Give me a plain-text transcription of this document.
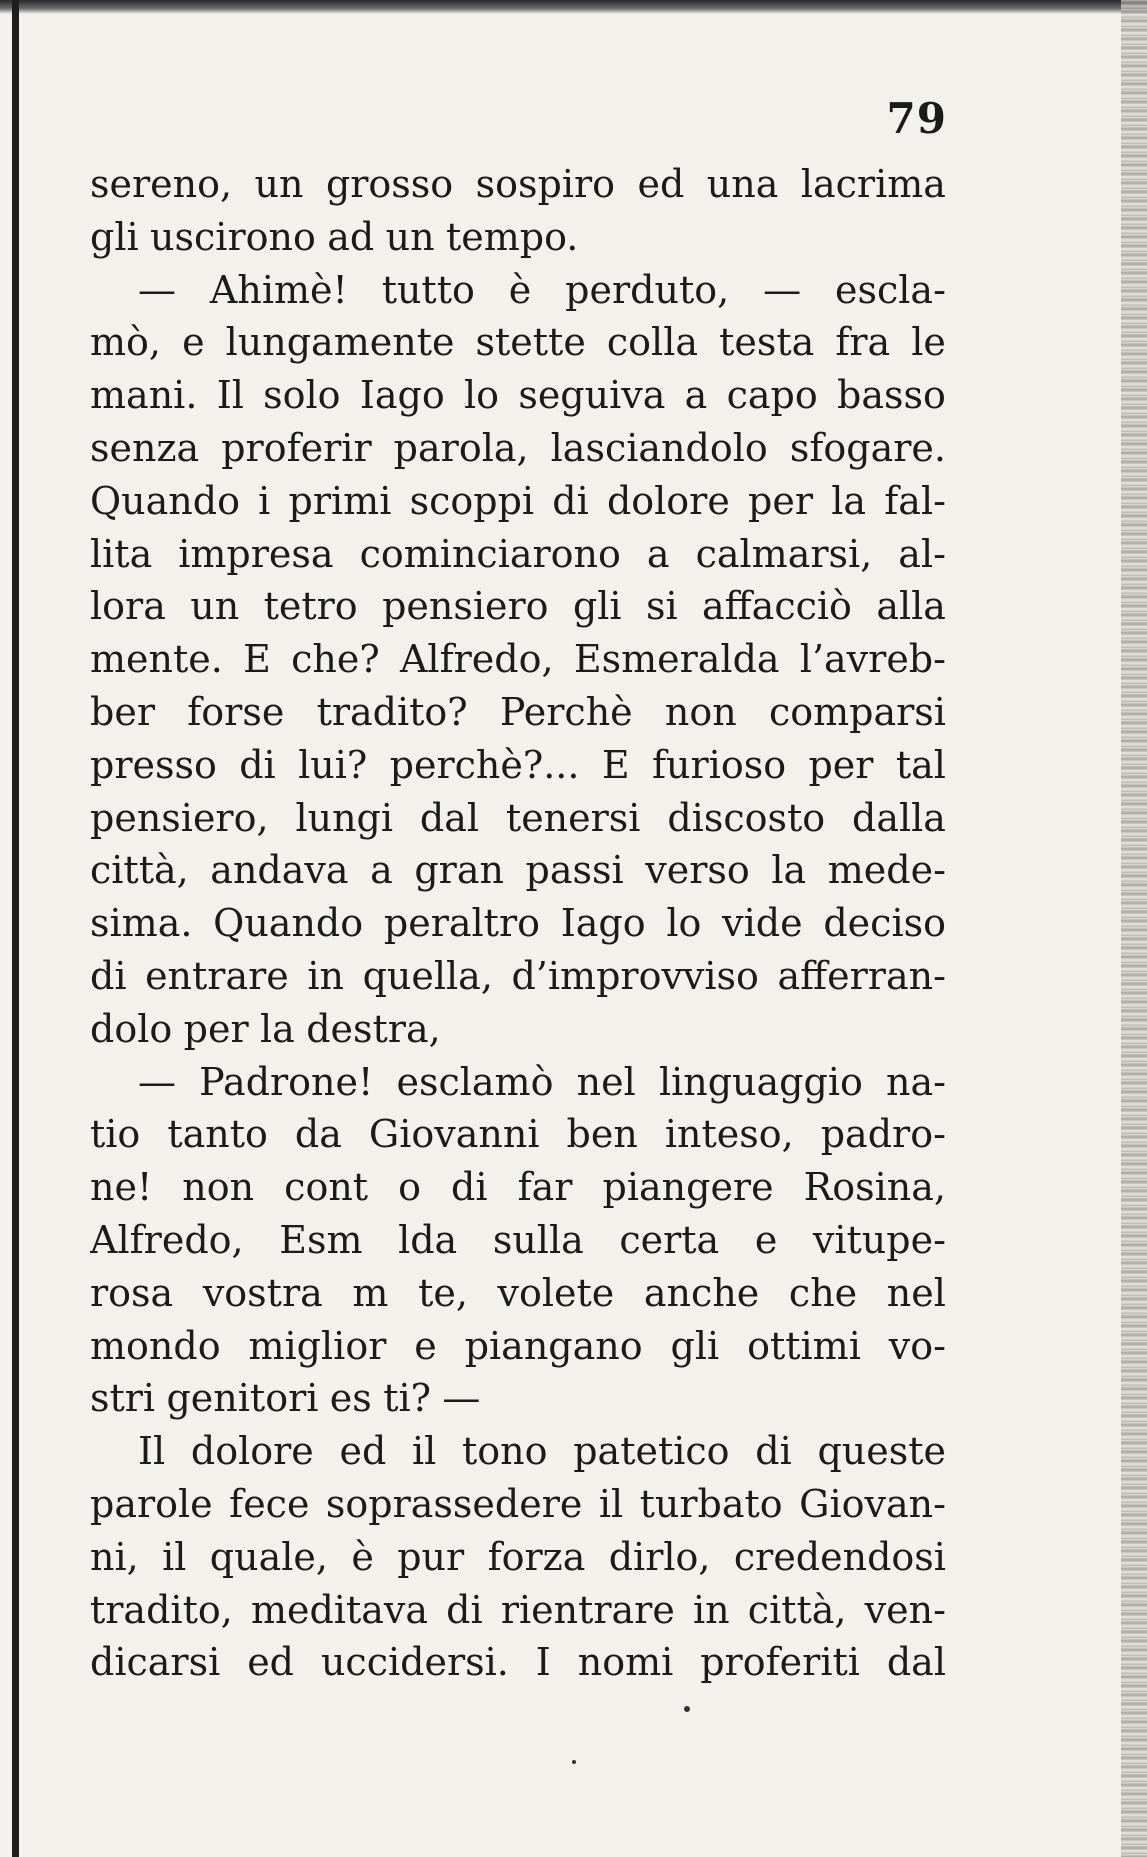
79
sereno, un grosso sospiro ed una lacrima
gli uscirono ad un tempo.
— Ahimè! tutto è perduto, — escla-
mò, e lungamente stette colla testa fra le
mani. Il solo Iago lo seguiva a capo basso
senza proferir parola, lasciandolo sfogare.
Quando i primi scoppi di dolore per la fal-
lita impresa cominciarono a calmarsi, al-
lora un tetro pensiero gli si affacciò alla
mente. E che? Alfredo, Esmeralda l’avreb-
ber forse tradito? Perchè non comparsi
presso di lui? perchè?... E furioso per tal
pensiero, lungi dal tenersi discosto dalla
città, andava a gran passi verso la mede-
sima. Quando peraltro Iago lo vide deciso
di entrare in quella, d’improvviso afferran-
dolo per la destra,
— Padrone! esclamò nel linguaggio na-
tio tanto da Giovanni ben inteso, padro-
ne! non cont o di far piangere Rosina,
Alfredo, Esm lda sulla certa e vitupe-
rosa vostra m te, volete anche che nel
mondo miglior e piangano gli ottimi vo-
stri genitori es ti? —
Il dolore ed il tono patetico di queste
parole fece soprassedere il turbato Giovan-
ni, il quale, è pur forza dirlo, credendosi
tradito, meditava di rientrare in città, ven-
dicarsi ed uccidersi. I nomi proferiti dal
